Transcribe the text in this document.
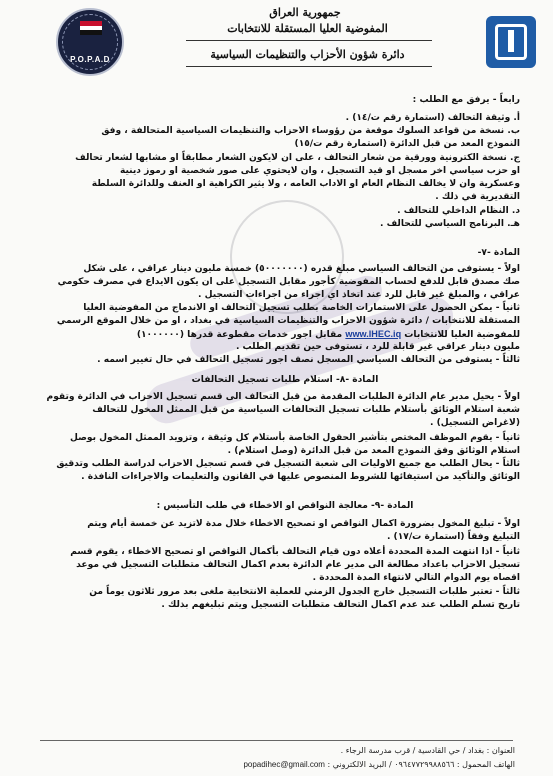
P.O.P.A.D
جمهورية العراق
المفوضية العليا المستقلة للانتخابات
دائرة شؤون الأحزاب والتنظيمات السياسية
رابعاً - يرفق مع الطلب :
أ. وثيقة التحالف (استمارة رقم ت/١٤) .
ب. نسخة من قواعد السلوك موقعة من رؤوساء الاحزاب والتنظيمات السياسية المتحالفة ، وفق
النموذج المعد من قبل الدائرة (استمارة رقم ت/١٥)
ج. نسخة الكترونية وورقية من شعار التحالف ، على ان لايكون الشعار مطابقاً او مشابها لشعار تحالف
او حزب سياسي اخر مسجل او قيد التسجيل ، وان لايحتوي على صور شخصية او رموز دينية
وعسكرية وان لا يخالف النظام العام او الاداب العامه ، ولا يثير الكراهية او العنف وللدائرة السلطة
التقديرية في ذلك .
د. النظام الداخلي للتحالف .
هـ. البرنامج السياسي للتحالف .
المادة -٧-
اولاً - يستوفى من التحالف السياسي مبلغ قدره (٥٠٠٠٠٠٠٠) خمسة مليون دينار عراقي ، على شكل
صك مصدق قابل للدفع لحساب المفوضية كأجور مقابل التسجيل على ان يكون الايداع في مصرف حكومي
عراقي ، والمبلغ غير قابل للرد عند اتخاذ اي اجراء من اجراءات التسجيل .
ثانياً - يمكن الحصول على الاستمارات الخاصة بطلب تسجيل التحالف او الاندماج من المفوضية العليا
المستقلة للانتخابات / دائرة شؤون الاحزاب والتنظيمات السياسية في بغداد ، او من خلال الموقع الرسمي
للمفوضية العليا للانتخابات www.IHEC.iq مقابل اجور خدمات مقطوعة قدرها (١٠٠٠٠٠٠)
مليون دينار عراقي غير قابلة للرد ، تستوفى حين تقديم الطلب .
ثالثاً - يستوفى من التحالف السياسي المسجل نصف اجور تسجيل التحالف في حال تغيير اسمه .
المادة -٨- استلام طلبات تسجيل التحالفات
اولاً - يحيل مدير عام الدائرة الطلبات المقدمة من قبل التحالف الى قسم تسجيل الاحزاب في الدائرة وتقوم
شعبة استلام الوثائق بأستلام طلبات تسجيل التحالفات السياسية من قبل الممثل المخول للتحالف
(لاغراض التسجيل) .
ثانياً - يقوم الموظف المختص بتأشير الحقول الخاصة بأستلام كل وثيقة ، وتزويد الممثل المخول بوصل
استلام الوثائق وفق النموذج المعد من قبل الدائرة (وصل استلام) .
ثالثاً - يحال الطلب مع جميع الاوليات الى شعبة التسجيل في قسم تسجيل الاحزاب لدراسة الطلب وتدقيق
الوثائق والتأكيد من استيفائها للشروط المنصوص عليها في القانون والتعليمات والاجراءات النافذة .
المادة -٩- معالجة النواقص او الاخطاء في طلب التأسيس :
اولاً - تبليغ المخول بضرورة اكمال النواقص او تصحيح الاخطاء خلال مدة لاتزيد عن خمسة أيام ويتم
التبليغ وفقاً (استمارة ت/١٧) .
ثانياً - اذا انتهت المدة المحددة أعلاه دون قيام التحالف بأكمال النواقص او تصحيح الاخطاء ، يقوم قسم
تسجيل الاحزاب باعداد مطالعة الى مدير عام الدائرة بعدم اكمال التحالف متطلبات التسجيل في موعد
اقصاه يوم الدوام التالي لانتهاء المدة المحددة .
ثالثاً - تعتبر طلبات التسجيل خارج الجدول الزمني للعملية الانتخابية ملغى بعد مرور ثلاثون يوماً من
تاريخ تسلم الطلب عند عدم اكمال التحالف متطلبات التسجيل ويتم تبليغهم بذلك .
العنوان : بغداد / حي القادسية / قرب مدرسة الرجاء .
الهاتف المحمول : ٠٩٦٤٧٧٢٩٩٨٨٥٦٦ / البريد الالكتروني : popadihec@gmail.com
